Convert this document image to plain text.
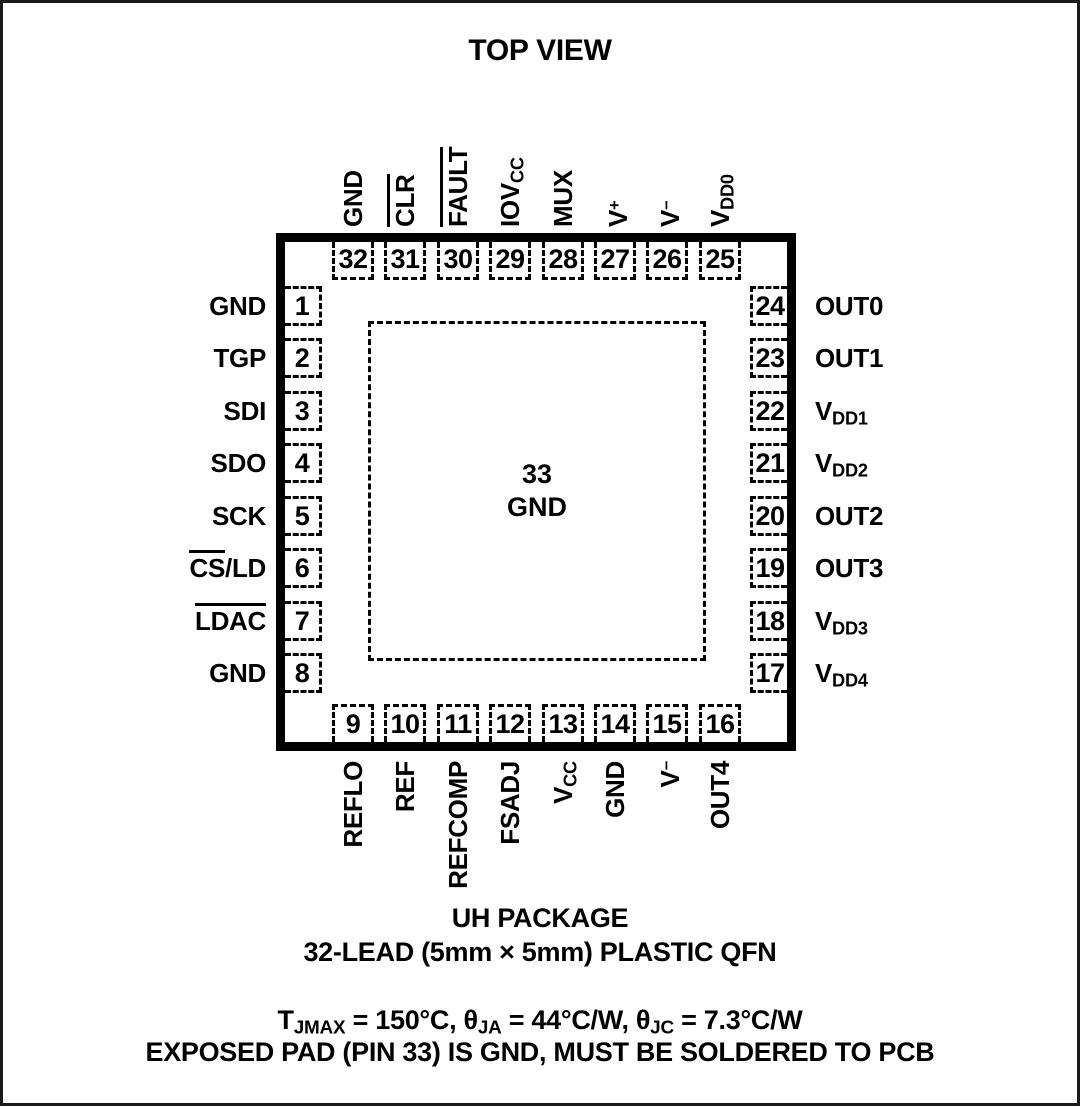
TOP VIEW
33
GND
UH PACKAGE
32-LEAD (5mm × 5mm) PLASTIC QFN
$T_{JMAX} = 150^\circ C$, $\theta_{JA} = 44^\circ C/W$, $\theta_{JC} = 7.3^\circ C/W$
EXPOSED PAD (PIN 33) IS GND, MUST BE SOLDERED TO PCB
32
GND
31
CLR
30
FAULT
29
$IOV_{CC}$
28
MUX
27
V+
26
V−
25
$V_{DD0}$
9
REFLO
10
REF
11
REFCOMP
12
FSADJ
13
$V_{CC}$
14
GND
15
V−
16
OUT4
1
GND
2
TGP
3
SDI
4
SDO
5
SCK
6
CS/LD
7
LDAC
8
GND
24 OUT0
23 OUT1
22 $V_{DD1}$
21 $V_{DD2}$
20 OUT2
19 OUT3
18 $V_{DD3}$
17 $V_{DD4}$
